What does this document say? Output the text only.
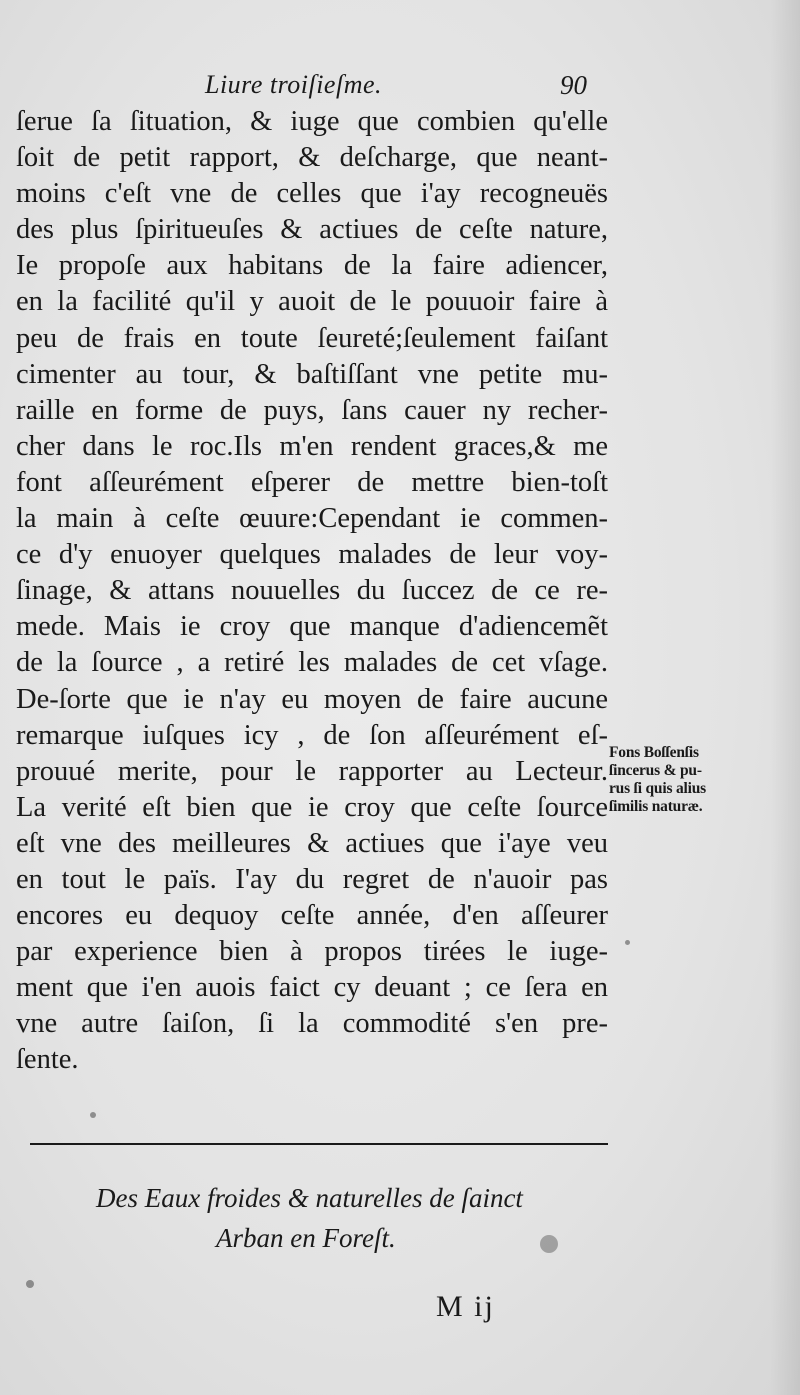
Liure troiſieſme.	90
ſerue ſa ſituation, & iuge que combien qu'elle
ſoit de petit rapport, & deſcharge, que neant-
moins c'eſt vne de celles que i'ay recogneuës
des plus ſpiritueuſes & actiues de ceſte nature,
Ie propoſe aux habitans de la faire adiencer,
en la facilité qu'il y auoit de le pouuoir faire à
peu de frais en toute ſeureté;ſeulement faiſant
cimenter au tour, & baſtiſſant vne petite mu-
raille en forme de puys, ſans cauer ny recher-
cher dans le roc.Ils m'en rendent graces,& me
font aſſeurément eſperer de mettre bien-toſt
la main à ceſte œuure:Cependant ie commen-
ce d'y enuoyer quelques malades de leur voy-
ſinage, & attans nouuelles du ſuccez de ce re-
mede. Mais ie croy que manque d'adiencemẽt
de la ſource , a retiré les malades de cet vſage.
De-ſorte que ie n'ay eu moyen de faire aucune
remarque iuſques icy , de ſon aſſeurément eſ-
prouué merite, pour le rapporter au Lecteur.
La verité eſt bien que ie croy que ceſte ſource
eſt vne des meilleures & actiues que i'aye veu
en tout le païs. I'ay du regret de n'auoir pas
encores eu dequoy ceſte année, d'en aſſeurer
par experience bien à propos tirées le iuge-
ment que i'en auois faict cy deuant ; ce ſera en
vne autre ſaiſon, ſi la commodité s'en pre-
ſente.
Fons Boſſenſis
ſincerus & pu-
rus ſi quis alius
ſimilis naturæ.
Des Eaux froides & naturelles de ſainct
Arban en Foreſt.
M ij
